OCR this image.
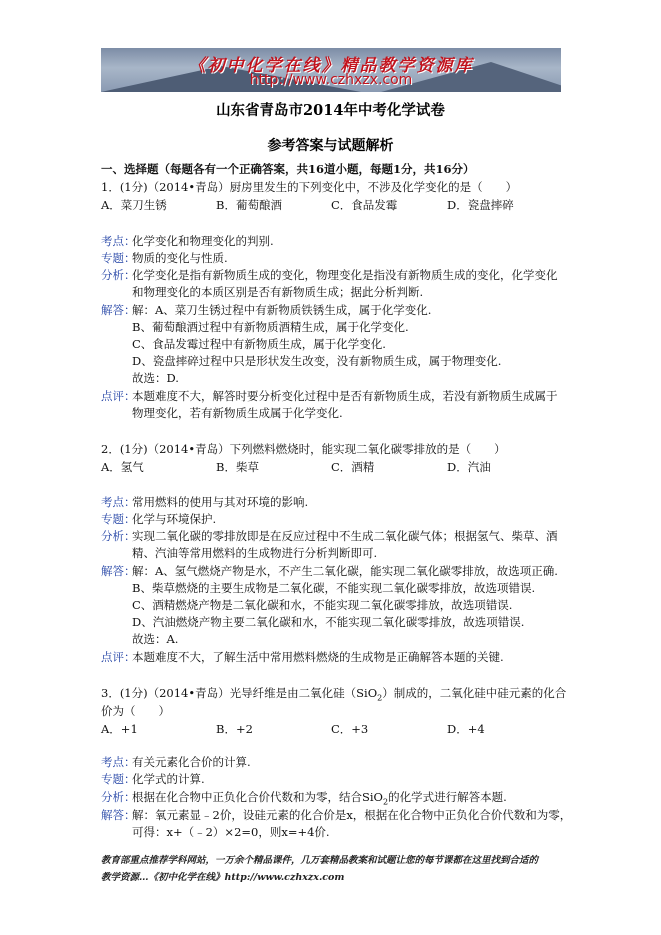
《初中化学在线》精品教学资源库
http://www.czhxzx.com
山东省青岛市2014年中考化学试卷
参考答案与试题解析
一、选择题（每题各有一个正确答案，共16道小题，每题1分，共16分）
1．(1分)（2014•青岛）厨房里发生的下列变化中，不涉及化学变化的是（　　）
A．菜刀生锈	B．葡萄酿酒	C．食品发霉	D．瓷盘摔碎
考点：
化学变化和物理变化的判别.
专题：
物质的变化与性质.
分析：
化学变化是指有新物质生成的变化，物理变化是指没有新物质生成的变化，化学变化
和物理变化的本质区别是否有新物质生成；据此分析判断.
解答：
解：A、菜刀生锈过程中有新物质铁锈生成，属于化学变化.
B、葡萄酿酒过程中有新物质酒精生成，属于化学变化.
C、食品发霉过程中有新物质生成，属于化学变化.
D、瓷盘摔碎过程中只是形状发生改变，没有新物质生成，属于物理变化.
故选：D.
点评：
本题难度不大，解答时要分析变化过程中是否有新物质生成，若没有新物质生成属于
物理变化，若有新物质生成属于化学变化.
2．(1分)（2014•青岛）下列燃料燃烧时，能实现二氧化碳零排放的是（　　）
A．氢气	B．柴草	C．酒精	D．汽油
考点：
常用燃料的使用与其对环境的影响.
专题：
化学与环境保护.
分析：
实现二氧化碳的零排放即是在反应过程中不生成二氧化碳气体；根据氢气、柴草、酒
精、汽油等常用燃料的生成物进行分析判断即可.
解答：
解：A、氢气燃烧产物是水，不产生二氧化碳，能实现二氧化碳零排放，故选项正确.
B、柴草燃烧的主要生成物是二氧化碳，不能实现二氧化碳零排放，故选项错误.
C、酒精燃烧产物是二氧化碳和水，不能实现二氧化碳零排放，故选项错误.
D、汽油燃烧产物主要二氧化碳和水，不能实现二氧化碳零排放，故选项错误.
故选：A.
点评：
本题难度不大，了解生活中常用燃料燃烧的生成物是正确解答本题的关键.
3．(1分)（2014•青岛）光导纤维是由二氧化硅（SiO$_2$）制成的，二氧化硅中硅元素的化合
价为（　　）
A．+1	B．+2	C．+3	D．+4
考点：
有关元素化合价的计算.
专题：
化学式的计算.
分析：
根据在化合物中正负化合价代数和为零，结合SiO$_2$的化学式进行解答本题.
解答：
解：氧元素显﹣2价，设硅元素的化合价是x，根据在化合物中正负化合价代数和为零，
可得：x+（﹣2）×2=0，则x=+4价.
教育部重点推荐学科网站，一万余个精品课件，几万套精品教案和试题让您的每节课都在这里找到合适的
教学资源…《初中化学在线》http://www.czhxzx.com
